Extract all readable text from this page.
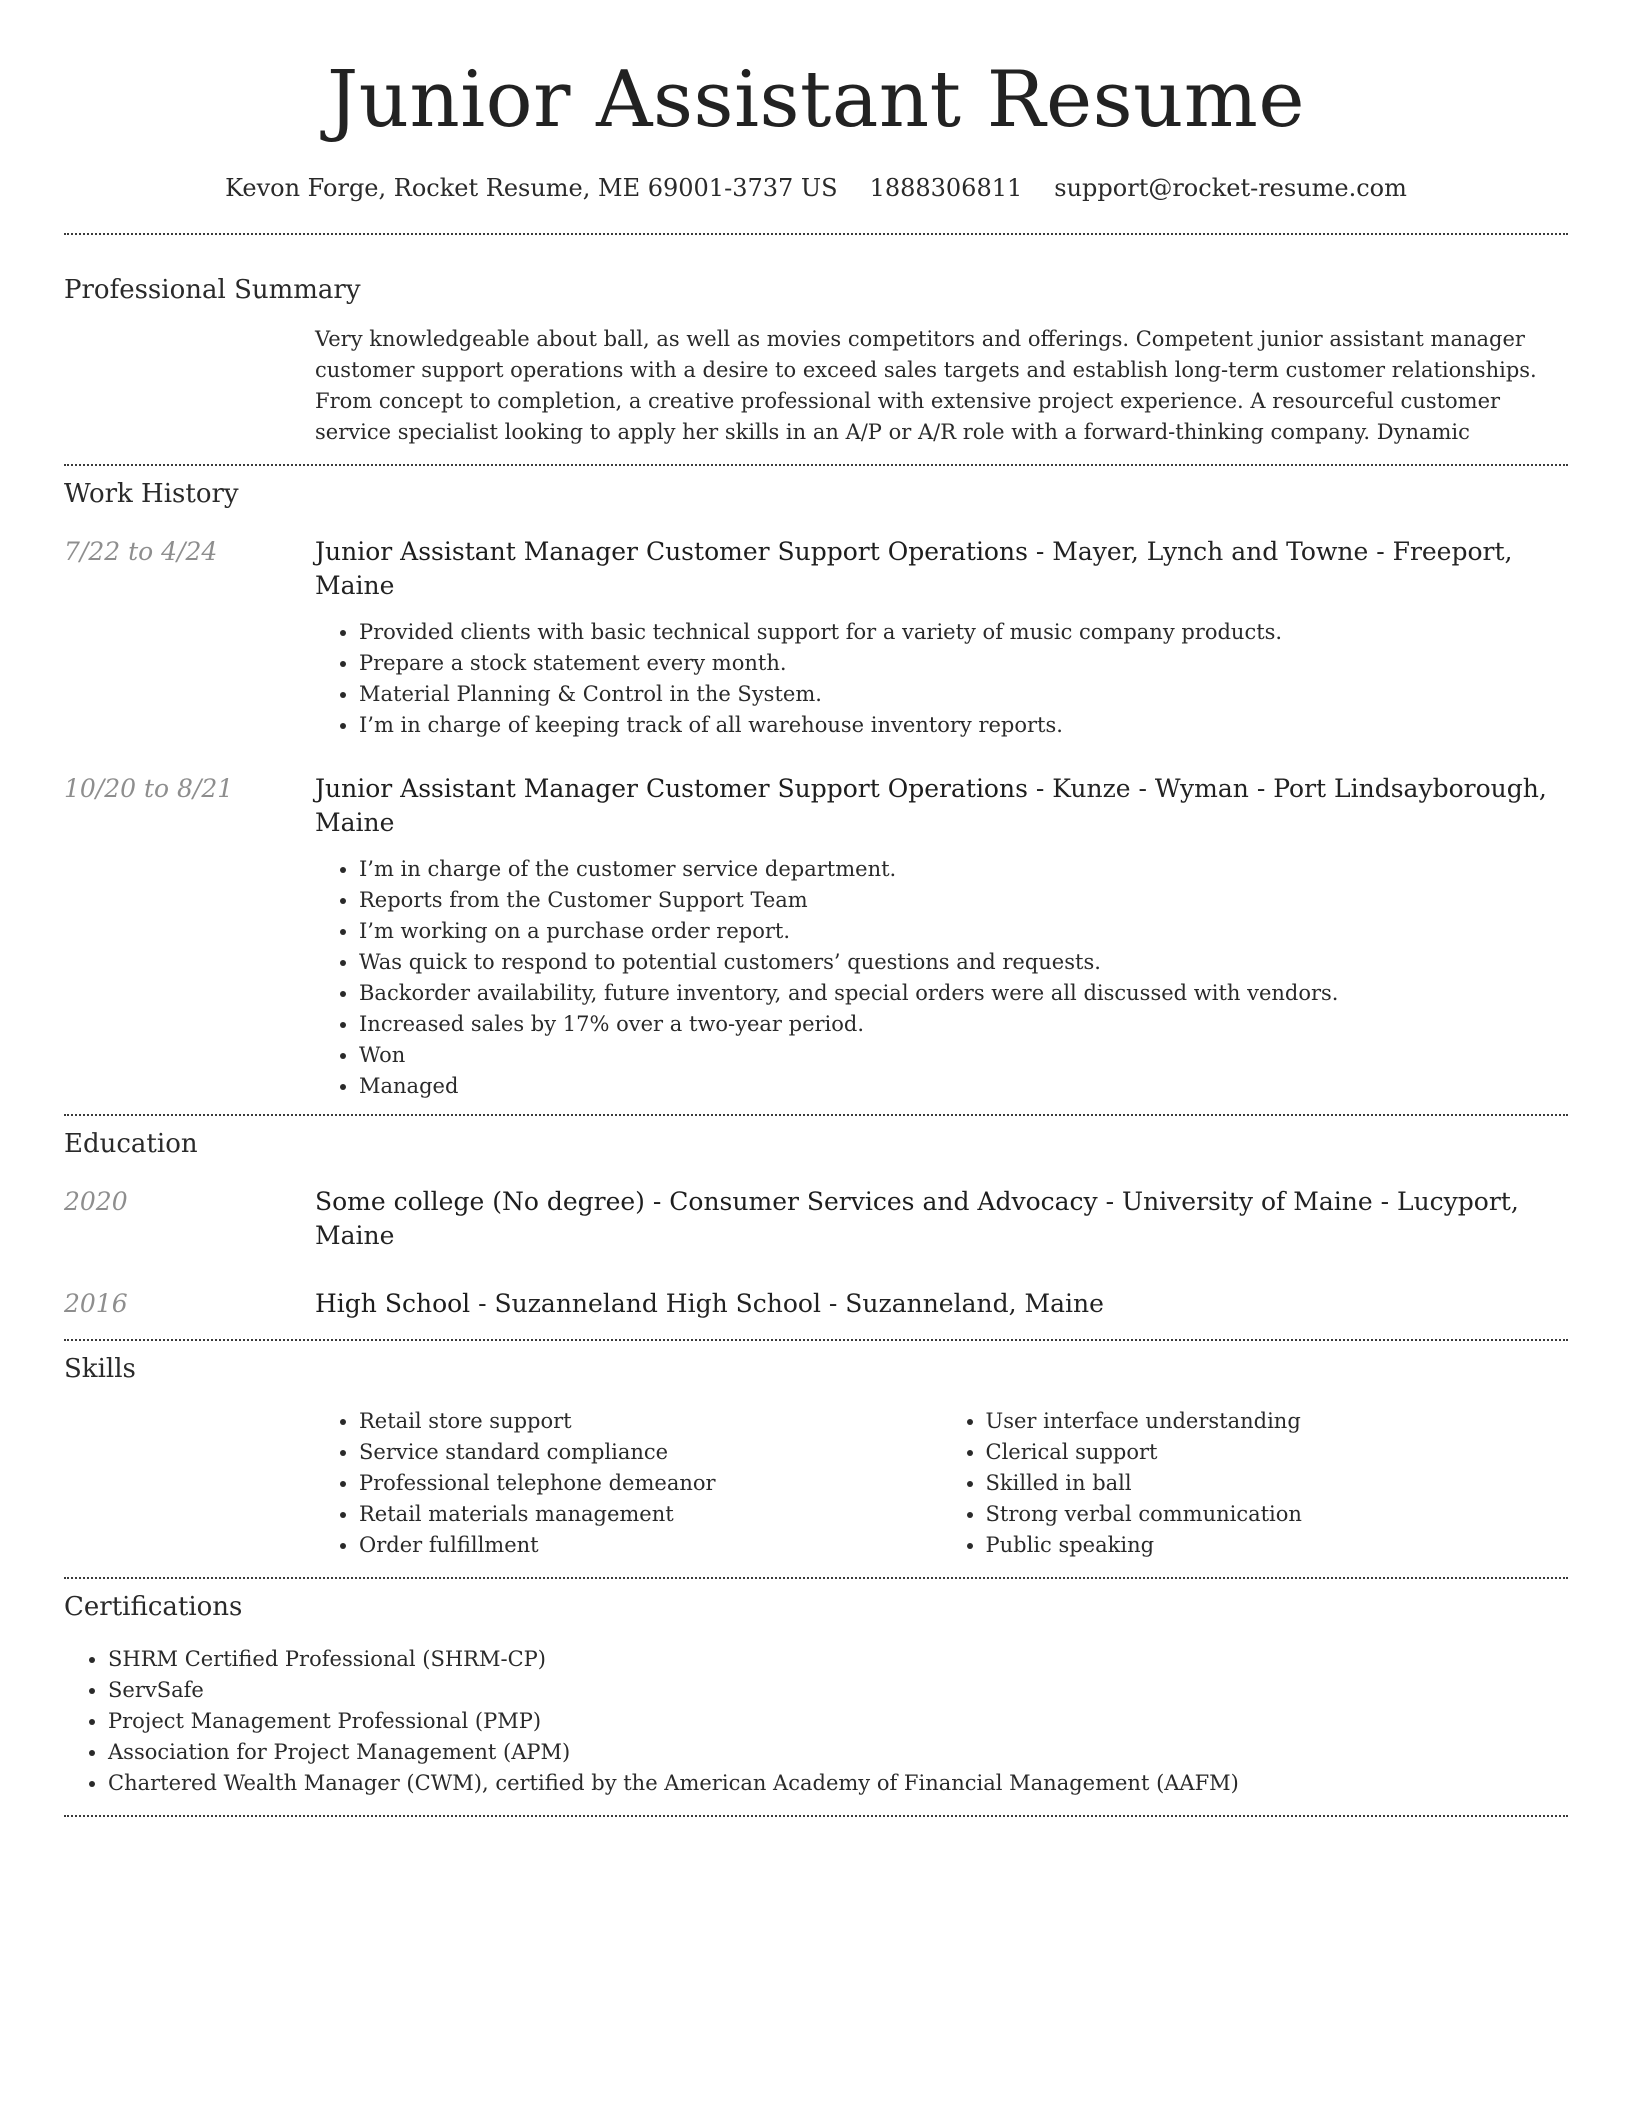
Junior Assistant Resume
Kevon Forge, Rocket Resume, ME 69001-3737 US 1888306811 support@rocket-resume.com
Professional Summary
Very knowledgeable about ball, as well as movies competitors and offerings. Competent junior assistant manager customer support operations with a desire to exceed sales targets and establish long-term customer relationships. From concept to completion, a creative professional with extensive project experience. A resourceful customer service specialist looking to apply her skills in an A/P or A/R role with a forward-thinking company. Dynamic
Work History
7/22 to 4/24	Junior Assistant Manager Customer Support Operations - Mayer, Lynch and Towne - Freeport, Maine
• Provided clients with basic technical support for a variety of music company products.
• Prepare a stock statement every month.
• Material Planning & Control in the System.
• I’m in charge of keeping track of all warehouse inventory reports.
10/20 to 8/21	Junior Assistant Manager Customer Support Operations - Kunze - Wyman - Port Lindsayborough, Maine
• I’m in charge of the customer service department.
• Reports from the Customer Support Team
• I’m working on a purchase order report.
• Was quick to respond to potential customers’ questions and requests.
• Backorder availability, future inventory, and special orders were all discussed with vendors.
• Increased sales by 17% over a two-year period.
• Won
• Managed
Education
2020	Some college (No degree) - Consumer Services and Advocacy - University of Maine - Lucyport, Maine
2016	High School - Suzanneland High School - Suzanneland, Maine
Skills
• Retail store support
• Service standard compliance
• Professional telephone demeanor
• Retail materials management
• Order fulfillment
• User interface understanding
• Clerical support
• Skilled in ball
• Strong verbal communication
• Public speaking
Certifications
• SHRM Certified Professional (SHRM-CP)
• ServSafe
• Project Management Professional (PMP)
• Association for Project Management (APM)
• Chartered Wealth Manager (CWM), certified by the American Academy of Financial Management (AAFM)
